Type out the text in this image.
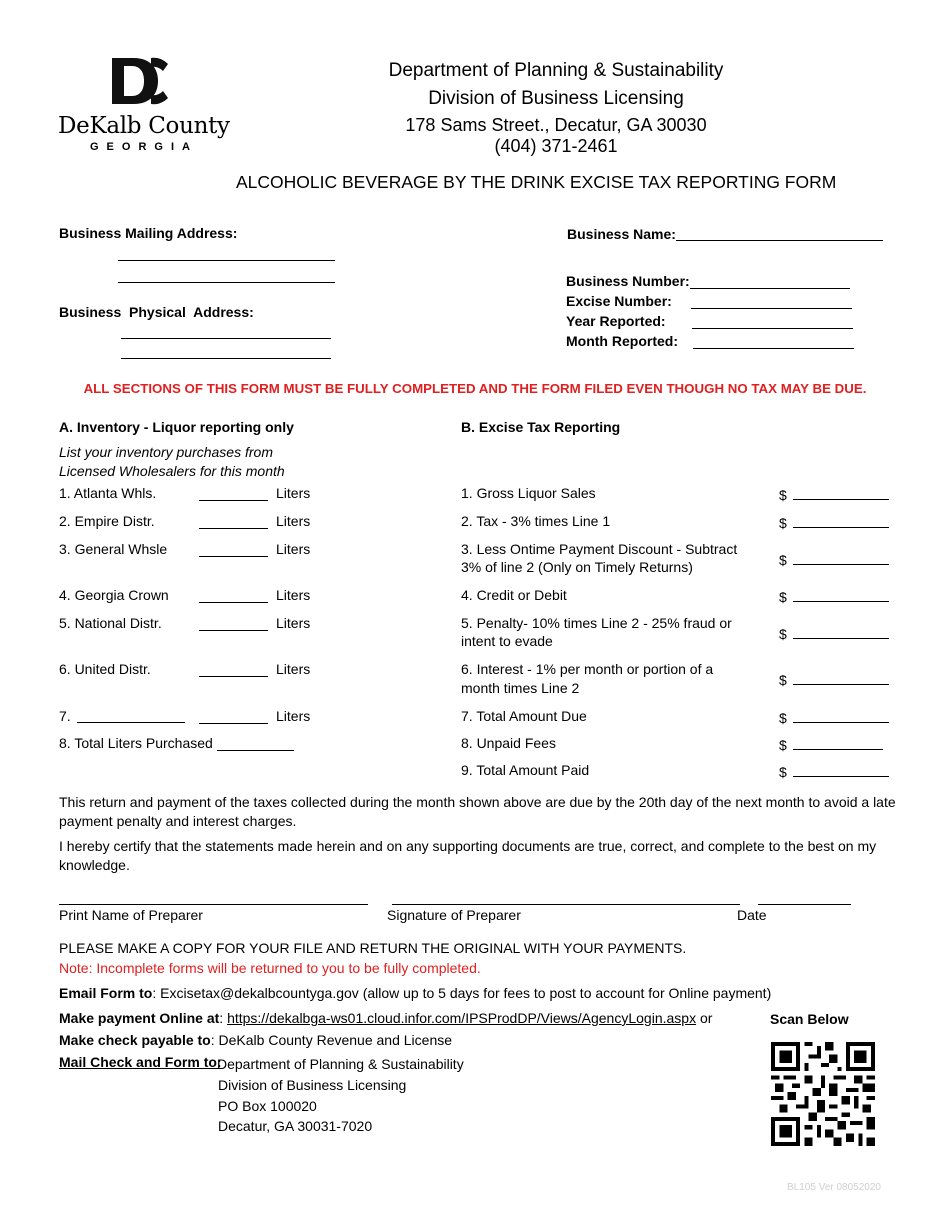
DeKalb County
GEORGIA
Department of Planning & Sustainability
Division of Business Licensing
178 Sams Street., Decatur, GA 30030
(404) 371-2461
ALCOHOLIC BEVERAGE BY THE DRINK EXCISE TAX REPORTING FORM
Business Mailing Address:
Business  Physical  Address:
Business Name:
Business Number:
Excise Number:
Year Reported:
Month Reported:
ALL SECTIONS OF THIS FORM MUST BE FULLY COMPLETED AND THE FORM FILED EVEN THOUGH NO TAX MAY BE DUE.
A. Inventory - Liquor reporting only
List your inventory purchases from
Licensed Wholesalers for this month
1. Atlanta Whls.
2. Empire Distr.
3. General Whsle
4. Georgia Crown
5. National Distr.
6. United Distr.
7.
Liters
Liters
Liters
Liters
Liters
Liters
Liters
8. Total Liters Purchased
B. Excise Tax Reporting
1. Gross Liquor Sales
2. Tax - 3% times Line 1
3. Less Ontime Payment Discount - Subtract
3% of line 2 (Only on Timely Returns)
4. Credit or Debit
5. Penalty- 10% times Line 2 - 25% fraud or
intent to evade
6. Interest - 1% per month or portion of a
month times Line 2
7. Total Amount Due
8. Unpaid Fees
9. Total Amount Paid
$
$
$
$
$
$
$
$
$
This return and payment of the taxes collected during the month shown above are due by the 20th day of the next month to avoid a late payment penalty and interest charges.
I hereby certify that the statements made herein and on any supporting documents are true, correct, and complete to the best on my knowledge.
Print Name of Preparer	Signature of Preparer	Date
PLEASE MAKE A COPY FOR YOUR FILE AND RETURN THE ORIGINAL WITH YOUR PAYMENTS.
Note: Incomplete forms will be returned to you to be fully completed.
Email Form to: Excisetax@dekalbcountyga.gov (allow up to 5 days for fees to post to account for Online payment)
Make payment Online at: https://dekalbga-ws01.cloud.infor.com/IPSProdDP/Views/AgencyLogin.aspx or
Make check payable to: DeKalb County Revenue and License
Mail Check and Form to:
Department of Planning & Sustainability
Division of Business Licensing
PO Box 100020
Decatur, GA 30031-7020
Scan Below
BL105 Ver 08052020
